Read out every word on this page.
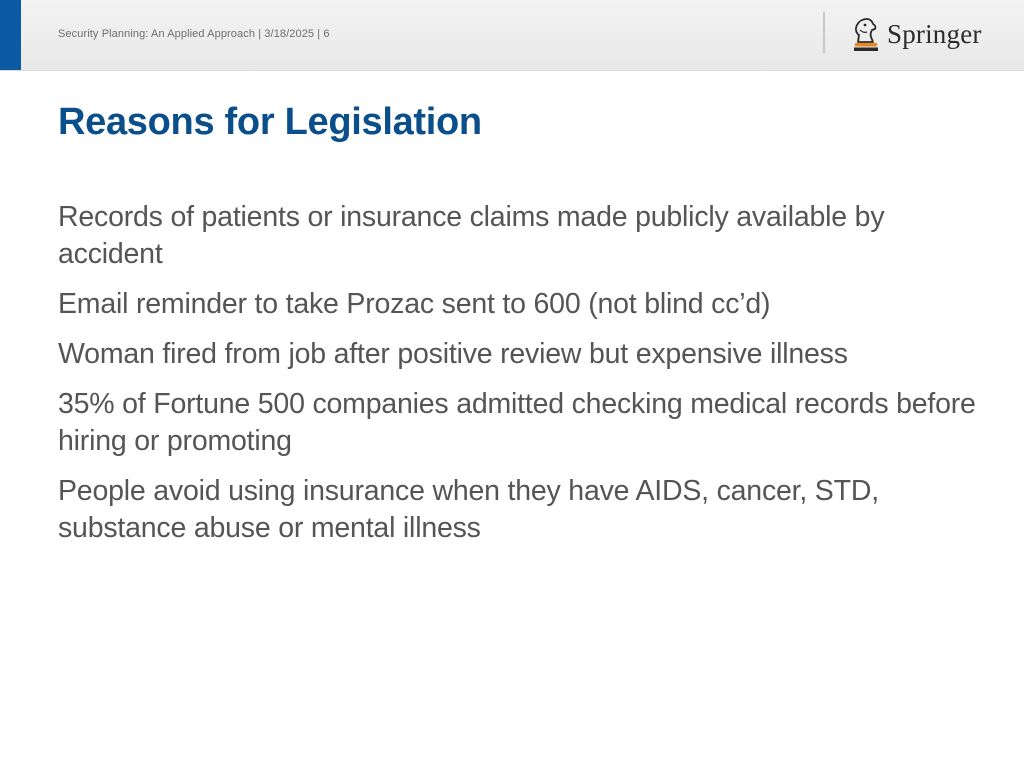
Security Planning: An Applied Approach | 3/18/2025 | 6	Springer
Reasons for Legislation
Records of patients or insurance claims made publicly available by accident
Email reminder to take Prozac sent to 600 (not blind cc’d)
Woman fired from job after positive review but expensive illness
35% of Fortune 500 companies admitted checking medical records before hiring or promoting
People avoid using insurance when they have AIDS, cancer, STD, substance abuse or mental illness
